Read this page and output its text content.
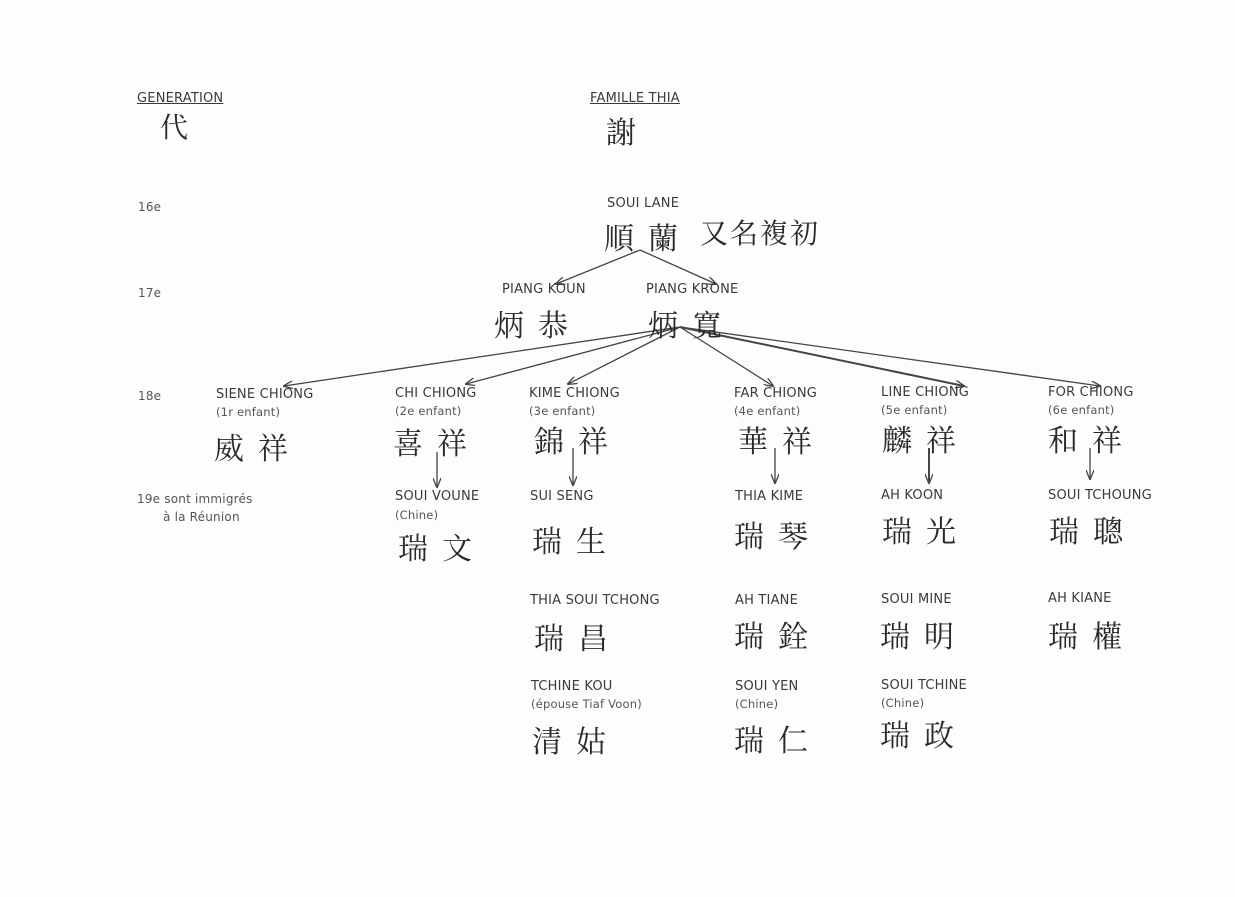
GENERATION
代
FAMILLE THIA
謝
16e
17e
18e
19e sont immigrés
à la Réunion
SOUI LANE
順蘭 又名複初
PIANG KOUN
炳恭
PIANG KRONE
炳寬
SIENE CHIONG
(1r enfant)
威祥
CHI CHIONG
(2e enfant)
喜祥
KIME CHIONG
(3e enfant)
錦祥
FAR CHIONG
(4e enfant)
華祥
LINE CHIONG
(5e enfant)
麟祥
FOR CHIONG
(6e enfant)
和祥
SOUI VOUNE
(Chine)
瑞文
SUI SENG
瑞生
THIA SOUI TCHONG
瑞昌
TCHINE KOU
(épouse Tiaf Voon)
清姑
THIA KIME
瑞琴
AH TIANE
瑞銓
SOUI YEN
(Chine)
瑞仁
AH KOON
瑞光
SOUI MINE
瑞明
SOUI TCHINE
(Chine)
瑞政
SOUI TCHOUNG
瑞聰
AH KIANE
瑞權
